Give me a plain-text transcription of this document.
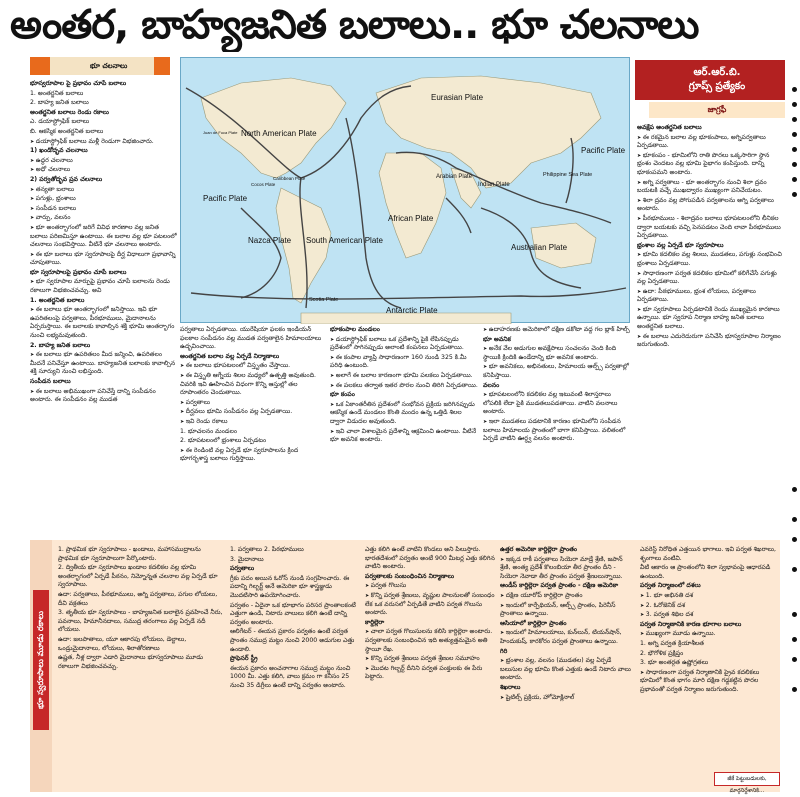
అంతర, బాహ్యజనిత బలాలు.. భూ చలనాలు
భూ చలనాలు

భూస్వరూపాల పై ప్రభావం చూపే బలాలు

1. అంతర్జనిత బలాలు

2. బాహ్య జనిత బలాలు

అంతర్జనిత బలాలు రెండు రకాలు

ఎ. డయాస్ట్రోఫిక్ బలాలు

బి. ఆకస్మిక అంతర్జనిత బలాలు

➤ డయాస్ట్రోఫిక్ బలాలు మళ్లీ రెండుగా విభజించారు.

1) ఖండోద్భవ చలనాలు

➤ ఉద్ధర చలనాలు

➤ అధో చలనాలు

2) పర్వతోద్భవ ప్రవ చలనాలు

➤ తన్యతా బలాలు

➤ పగుళ్లు, భ్రంశాలు

➤ సంపీడన బలాలు

➤ వార్పు, వలనం

➤ భూ అంతర్భాగంలో జరిగే వివిధ కారణాల వల్ల జనిత బలాలు పరిణమిస్తూ ఉంటాయి. ఈ బలాల వల్ల భూ పటలంలో చలనాలు సంభవిస్తాయి. వీటినే భూ చలనాలు అంటారు.

➤ ఈ భూ బలాలు భూ స్వరూపాలపై దీర్ఘ విధాలుగా ప్రభావాన్ని చూపుతాయి.

భూ స్వరూపాలపై ప్రభావం చూపే బలాలు

➤ భూ స్వరూపాల మార్పుపై ప్రభావం చూపే బలాలను రెండు రకాలుగా విభజించవచ్చు. అవి

1. అంతర్జనిత బలాలు

➤ ఈ బలాలు భూ అంతర్భాగంలో జనిస్తాయి. ఇవి భూ ఉపరితలంపై పర్వతాలు, పీఠభూములు, మైదానాలను ఏర్పరుస్తాయి. ఈ బలాలకు కావాల్సిన శక్తి భూమి అంతర్భాగం నుంచి లభ్యమవుతుంది.

2. బాహ్య జనిత బలాలు

➤ ఈ బలాలు భూ ఉపరితలం మీద జన్మించి, ఉపరితలం మీదనే పనిచేస్తూ ఉంటాయి. బాహ్యజనిత బలాలకు కావాల్సిన శక్తి సూర్యుని నుంచి లభిస్తుంది.

సంపీడన బలాలు

➤ ఈ బలాలు అభిముఖంగా పనిచేస్తే దాన్ని సంపీడనం అంటారు. ఈ సంపీడనం వల్ల ముడత

North American Plate
Eurasian Plate
Pacific Plate
Pacific Plate
Juan de Fuca Plate
Cocos Plate
Caribbean Plate	Arabian Plate
Indian Plate
Philippine Sea Plate
African Plate
Nazca Plate South American Plate
Australian Plate
Scotia Plate
Antarctic Plate
ఆర్.ఆర్.బి.
గ్రూప్స్ ప్రత్యేకం
జాగ్రఫీ

అవక్షేప అంతర్జనిత బలాలు

➤ ఈ రకమైన బలాల వల్ల భూకంపాలు, అగ్నిపర్వతాలు ఏర్పడతాయి.

➤ భూకంపం - భూమిలోని రాతి పొరలు ఒక్కసారిగా స్థాన భ్రంశం చెందటం వల్ల భూమి పైభాగం కంపిస్తుంది. దాన్ని భూకంపమని అంటారు.

➤ అగ్ని పర్వతాలు - భూ అంతర్భాగం నుంచి శిలా ద్రవం బయటకి వచ్చే ముఖద్వారం ముఖ్యంగా పనిచేయటం.

➤ శిలా ద్రవం వల్ల పోగుపడిన పర్వతాలను అగ్ని పర్వతాలు అంటారు.

➤ పీఠభూములు - శిలాద్రవం బలాలు భూపటలంలోని లీనికల ద్వారా బయటకు వచ్చి పెనపడటం చెంది లావా పీఠభూములు ఏర్పడతాయి.

భ్రంశాల వల్ల ఏర్పడే భూ స్వరూపాలు

➤ భూమి కదలికల వల్ల శిలలు, ముడతలు, పగుళ్లు సంభవించి భ్రంశాలు ఏర్పడతాయి.

➤ సాధారణంగా పర్వత కదలికల భూమిలో కలిగేచేసే పగుళ్లు వల్ల ఏర్పడతాయి.

➤ ఉదా: పీఠభూములు, భ్రంశ లోయలు, పర్వతాలు ఏర్పడతాయి.

➤ భూ స్వరూపాలు ఏర్పడటానికి రెండు ముఖ్యమైన కారకాలు ఉన్నాయి. భూ స్వరూప నిర్మాణ బాహ్య జనిత బలాలు అంతర్జనిత బలాలు.

➤ ఈ బలాలు ఎదురెదురుగా పనిచేసి భూస్వరూపాల నిర్మాణం జరుగుతుంది.

పర్వతాలు ఏర్పడతాయి. యురేషియా ఫలకం ఇండియన్ ఫలకాల సంపీడనం వల్ల ముడత పర్వతాలైన హిమాలయాలు ఉద్భవించాయి.

అంతర్జనిత బలాల వల్ల ఏర్పడే నిర్మాణాలు

➤ ఈ బలాలు భూపటలంలో విస్తృతం చేస్తాయి.

➤ ఈ విస్తృతి ఆగ్నేయ శిలల మధ్యలో ఉత్పత్తి అవుతుంది. చివరికి ఇవి ఊహించిన విధంగా కొన్ని ఆస్తుల్లో తల రూపాంతరం చెందుతాయి.

➤ పర్వతాలు

➤ దీర్ఘవలు భూమి సంపీడనం వల్ల ఏర్పడతాయి.

➤ ఇవి రెండు రకాలు

1. భూచలనం మండలం

2. భూపటలంలో భ్రంశాలు ఏర్పడటం

➤ ఈ రెండింటి వల్ల ఏర్పడే భూ స్వరూపాలను క్రింద భూగర్భశాస్త్ర బలాలు గుర్తిస్తాయి.

భూకంపాల మండలం

➤ డయాస్ట్రోఫిక్ బలాలు ఒక ప్రదేశాన్ని పైకి లేపినప్పుడు ప్రదేశంలో సాగినప్పుడు అలాంటి కంపనలు ఏర్పడుతాయి.

➤ ఈ కంపాల వ్యాప్తి సాధారణంగా 160 నుండి 325 కి.మీ పరిధి ఉంటుంది.

➤ అలాగే ఈ బలాల కారణంగా భూమి పలకలు ఏర్పడతాయి.

➤ ఈ పలకలు తర్వాత ఇతర పొరల నుంచి తిరిగి ఏర్పడతాయి.

భూ కంపం

➤ ఒక ఏకాంతరీతిన ప్రదేశంలో సంభోవన ప్రక్రియ జరిగినప్పుడు ఆకస్మిక ఉండే మండలం కొంతి మందం ఉన్న ఒత్తిడి శిలల ద్వారా విడుదల అవుతుంది.

➤ ఇవి చాలా విశాలమైన ప్రదేశాన్ని ఆక్రమించి ఉంటాయి. వీటినే భూ అవనిక అంటారు.

➤ ఉదాహరణకు అమెరికాలో దక్షిణ డకోటా వద్ద గల బ్లాక్ హిల్స్

భూ అవనిక

➤ అనేక వేల అడుగుల అవక్షేపాలు సంచలనం చెంది కింది స్థాయికి క్రిందికి ఉండేదాన్ని భూ అవనిక అంటారు.

➤ భూ అవనికలు, అభినతులు, హిమాలయ ఆల్ప్స్ పర్వతాల్లో కనిపిస్తాయి.

వలనం

➤ భూపటలంలోని కదలికల వల్ల ఇటువంటి శిలాస్తరాలు లోపలికి లేదా పైకి ముడతలుపడతాయి. వాటిని వలనాలు అంటారు.

➤ ఇలా ముడతలు పడటానికి కారణం భూమిలోని సంపీడన బలాలు హిమాలయ ప్రాంతంలో బాగా కనిపిస్తాయి. వలితంలో ఏర్పడే వాటిని ఊర్ధ్వ వలనం అంటారు.

భూ స్వరూపాలు మూడు రకాలు

1. ప్రాథమిక భూ స్వరూపాలు - ఖండాలు, మహాసముద్రాలను ప్రాథమిక భూ స్వరూపాలుగా పేర్కొంటారు.

2. ద్వితీయ భూ స్వరూపాలు ఖండాల కదలికల వల్ల భూమి అంతర్భాగంలో ఏర్పడే పీఠనం, నిమ్నోన్నత చలనాల వల్ల ఏర్పడే భూ స్వరూపాలు.

ఉదా: పర్వతాలు, పీఠభూములు, అగ్ని పర్వతాలు, పగుల లోయలు, దీవి వక్రతలు

3. తృతీయ భూ స్వరూపాలు - బాహ్యజనిత బలాలైన ప్రవహించే నీరు, పవనాలు, హిమానీనదాలు, సముద్ర తరంగాలు వల్ల ఏర్పడే నదీ లోయలు.

ఉదా: జలపాతాలు, యూ ఆకారపు లోయలు, డెల్టాలు, ఒండ్రుమైదానాలు, లోయలు, శిలాతోరణాలు

ఉష్ణత, నీళ్ల ద్వారా ఎడారి మైదానాలు భూస్వరూపాలు మూడు రకాలుగా విభజించవచ్చు.

1. పర్వతాలు 2. పీఠభూములు

3. మైదానాలు

పర్వతాలు

గ్రీకు పదం అయిన ఓరోస్ నుండి సంగ్రహించారు. ఈ పదాన్ని గిల్బర్ట్ అనే అమెరికా భూ శాస్త్రజ్ఞుడు మొదటిసారి ఉపయోగించారు.

పర్వతం - ఏదైనా ఒక భూభాగం పరిసర ప్రాంతాలకంటే ఎత్తుగా ఉండి, నిటారు వాలులు కలిగి ఉంటే దాన్ని పర్వతం అంటారు.

ఆలిగేటర్ - ఈయన ప్రకారం పర్వతం ఉంటే పర్వత ప్రాంతం సముద్ర మట్టం నుంచి 2000 అడుగుల ఎత్తు ఉండాలి.

ప్రొఫెసర్ స్ట్రీ

ఈయన ప్రకారం అంచనాగాల సముద్ర మట్టం నుంచి 1000 మీ. ఎత్తు కలిగి, వాలు క్రమం గా కనీసం 25 నుంచి 35 డిగ్రీలు ఉంటే దాన్ని పర్వతం అంటారు.

ఎత్తు కలిగి ఉంటే వాటిని కొండలు అని పిలుస్తారు. భారతదేశంలో పర్వతం అంటే 900 మీటర్ల ఎత్తు కలిగిన వాటిని అంటారు.

పర్వతాలకు సంబంధించిన నిర్మాణాలు

➤ పర్వత గొలుసు

➤ కొన్ని పర్వత శ్రేణులు, వృష్టుల పాలనులతో సంబంధం లేక ఒక వరుసలో ఏర్పడితే వాటిని పర్వత గొలుసు అంటారు.

కార్డిల్లెరా

➤ చాలా పర్వత గొలుసులను కలిసి కార్డిల్లెరా అంటారు. పర్వతాలకు సంబంధించిన ఇది అత్యుత్తమమైన అతి స్థాయీ రేఖ.

➤ కొన్ని పర్వత శ్రేణులు పర్వత శ్రేణుల సమూహం

➤ మొదట గిల్బర్ట్ దీనిని పర్వత పంక్తులకు ఈ పేరు పెట్టారు.

ఉత్తర అమెరికా కార్డిల్లెరా ప్రాంతం

➤ ఇక్కడ రాకీ పర్వతాలు సియెరా మాడ్రే శ్రేణి, జపాన్ శ్రేణి, అంత్య ప్రదేశ్ కొలంబియా తీర ప్రాంతం దీని - సియెరా నెవాడా తీర ప్రాంతం పర్వత శ్రేణులున్నాయి.

ఆండీస్ కార్డిల్లెరా పర్వత ప్రాంతం - దక్షిణ అమెరికా

➤ దక్షిణ యూరోప్ కార్డిల్లెరా ప్రాంతం

➤ ఇందులో కార్పేథియన్, ఆల్ప్స్ ప్రాంతం, పిరెనీస్ ప్రాంతాలు ఉన్నాయి.

ఆసియాలో కార్డిల్లెరా ప్రాంతం

➤ ఇందులో హిమాలయాలు, కున్‌లున్, టియన్‌షాన్, హిందుకుష్, కారకోరం పర్వత ప్రాంతాలు ఉన్నాయి.

గిరి

➤ భ్రంశాల వల్ల, వలనం (ముడతల) వల్ల ఏర్పడే బలుసుల వల్ల భూమి కొంత ఎత్తుకు ఉండే నిటారు వాలు అంటారు.

శిఖరాలు

➤ షైటిల్స్ ప్రక్రియ, హోమోక్లినాల్

ఎవరెస్ట్ నిరోధిత ఎత్తయిన భాగాలు. ఇవి పర్వత శిఖరాలు, శృంగాలు వంటివి.

వీటి ఆకారం ఆ ప్రాంతంలోని శిలా స్వభావంపై ఆధారపడి ఉంటుంది.

పర్వత నిర్మాణంలో దశలు

➤ 1. భూ అభినతి దశ

➤ 2. ఓరోజెనిక్ దశ

➤ 3. పర్వత శిథిల దశ

పర్వత నిర్మాణానికి కారణ భూగాల బలాలు

➤ ముఖ్యంగా మూడు ఉన్నాయి.

1. అగ్ని పర్వత క్రియాశీలత

2. భౌగోళిక ప్రక్షిప్తం

3. భూ అంతర్గత ఉష్ణోగ్రతలు

➤ సాధారణంగా పర్వత నిర్మాణానికి ప్రైవ కదలికలు భూమిలో కొంత భాగం మారి దక్షిణ గడ్డకట్టిన పొరల ప్రభావంతో పర్వత నిర్మాణం జరుగుతుంది.

జీకే పెట్టుబడులకు, మార్గనిర్దేశానికి...
